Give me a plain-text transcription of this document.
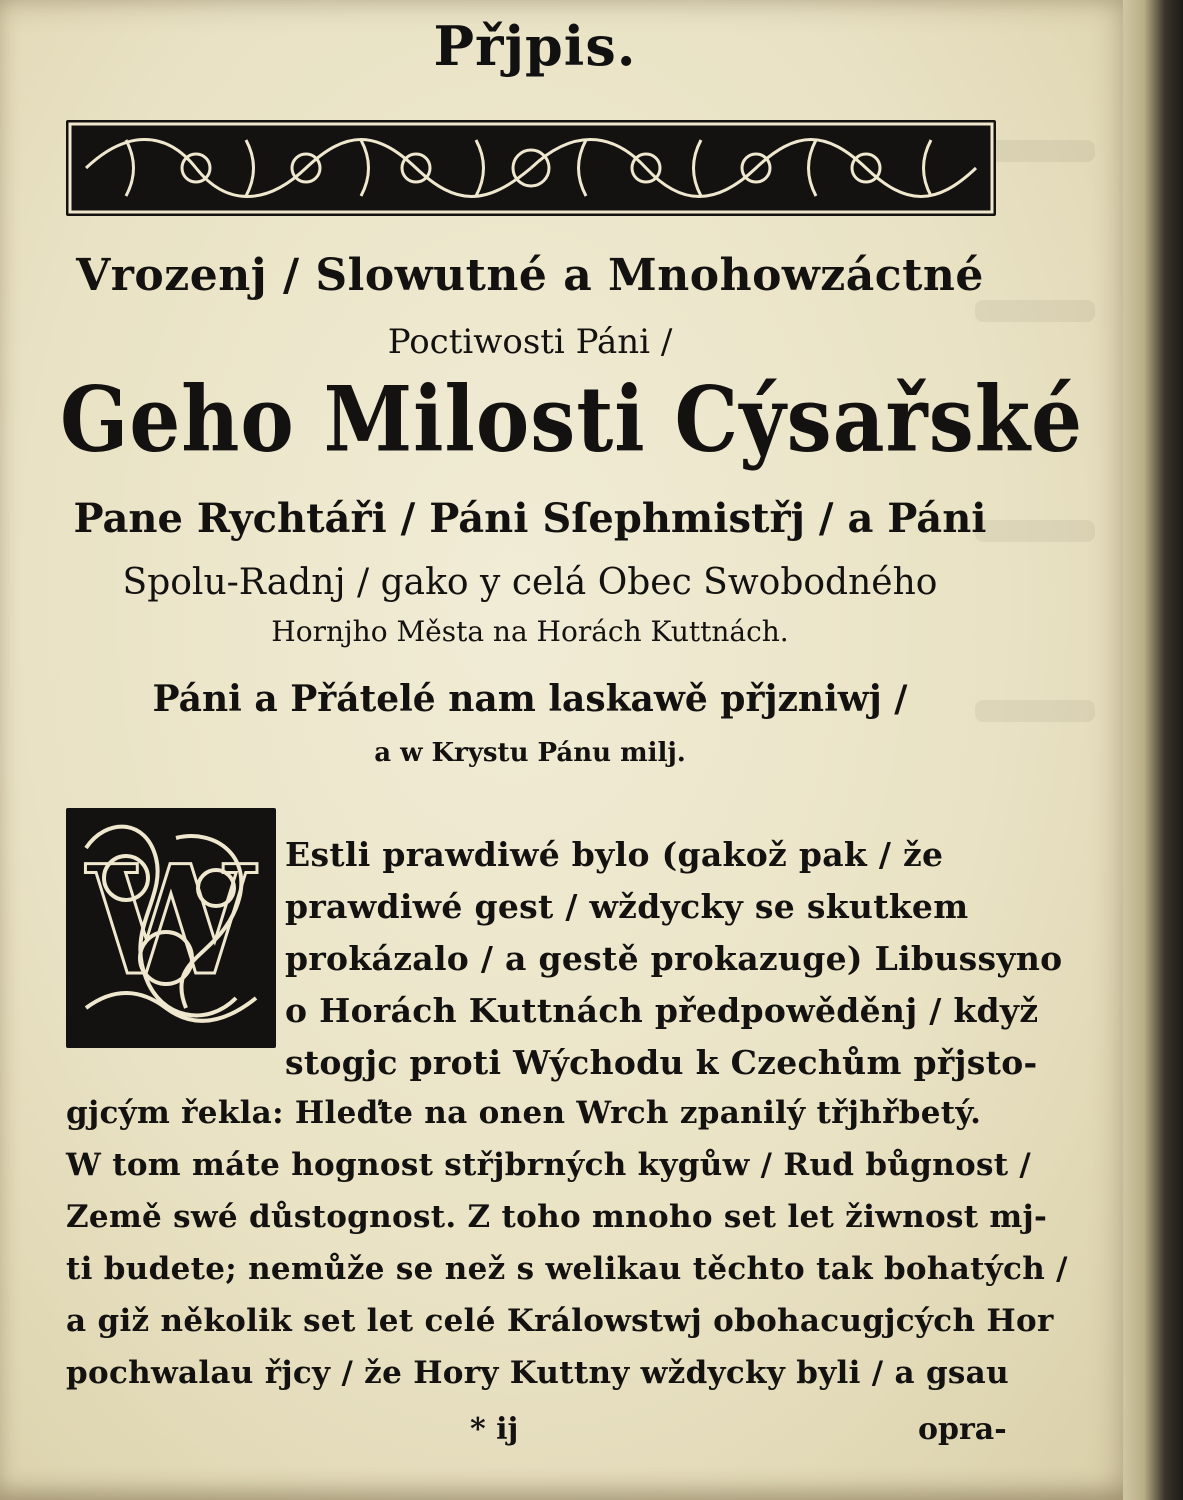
Přjpis.
Vrozenj / Slowutné a Mnohowzáctné
Poctiwosti Páni /
Geho Milosti Cýsařské
Pane Rychtáři / Páni Sſephmistřj / a Páni
Spolu-Radnj / gako y celá Obec Swobodného
Hornjho Města na Horách Kuttnách.
Páni a Přátelé nam laskawě přjzniwj /
a w Krystu Pánu milj.
W Estli prawdiwé bylo (gakož pak / že
prawdiwé gest / wždycky se skutkem
prokázalo / a gestě prokazuge) Libussyno
o Horách Kuttnách předpowěděnj / když
stogjc proti Wýchodu k Czechům přjsto-
gjcým řekla: Hleďte na onen Wrch zpanilý třjhřbetý.
W tom máte hognost střjbrných kygůw / Rud bůgnost /
Země swé důstognost. Z toho mnoho set let žiwnost mj-
ti budete; nemůže se než s welikau těchto tak bohatých /
a giž několik set let celé Králowstwj obohacugjcých Hor
pochwalau řjcy / že Hory Kuttny wždycky byli / a gsau
* ij	opra-
